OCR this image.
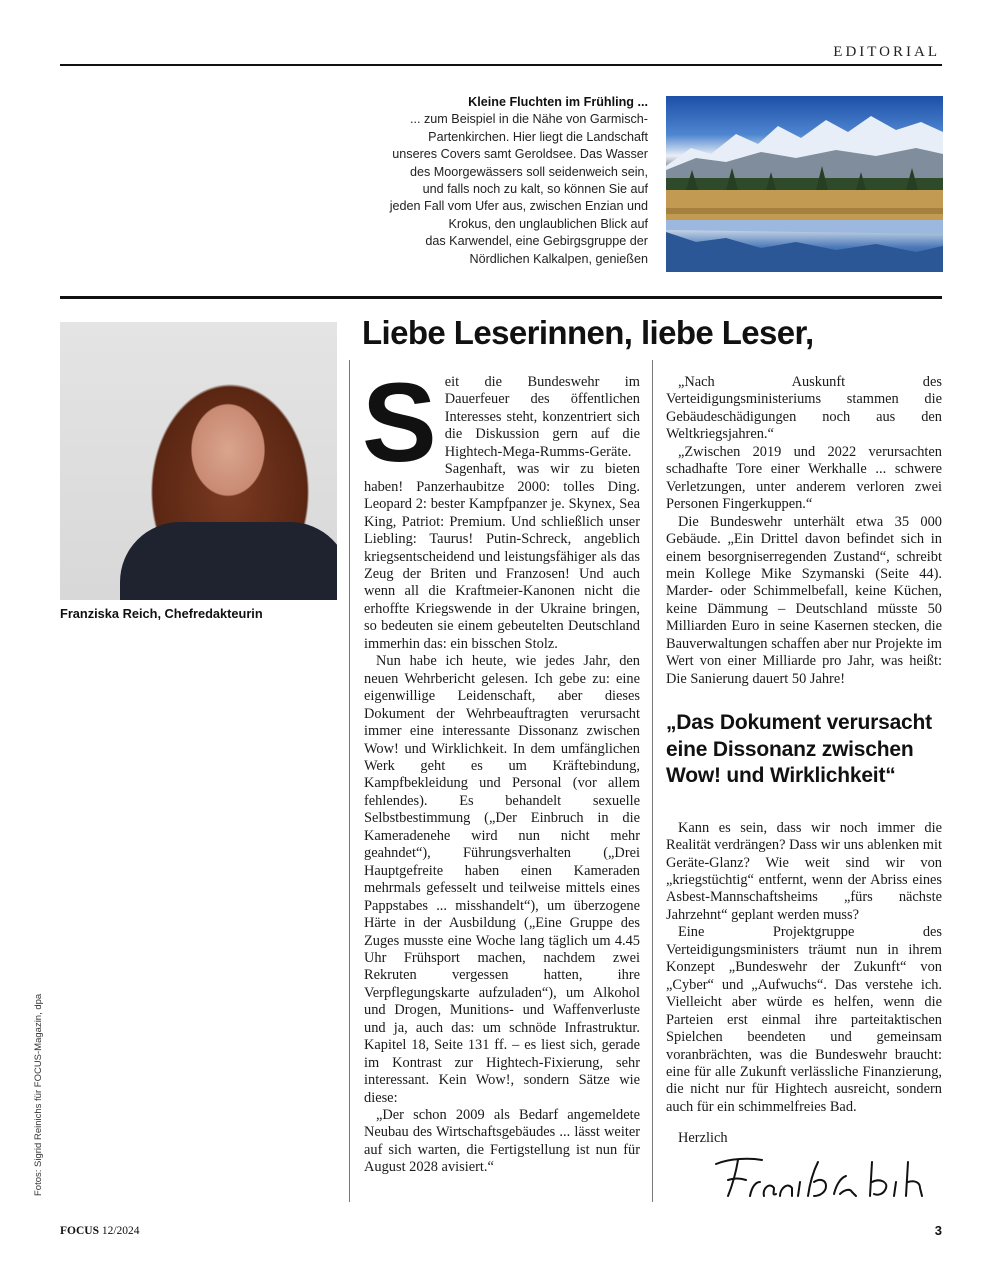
EDITORIAL
Kleine Fluchten im Frühling ...
... zum Beispiel in die Nähe von Garmisch-
Partenkirchen. Hier liegt die Landschaft
unseres Covers samt Geroldsee. Das Wasser
des Moorgewässers soll seidenweich sein,
und falls noch zu kalt, so können Sie auf
jeden Fall vom Ufer aus, zwischen Enzian und
Krokus, den unglaublichen Blick auf
das Karwendel, eine Gebirgsgruppe der
Nördlichen Kalkalpen, genießen
Franziska Reich, Chefredakteurin
Liebe Leserinnen, liebe Leser,

Seit die Bundeswehr im Dauerfeuer des öffentlichen Interesses steht, konzentriert sich die Diskussion gern auf die Hightech-Mega-Rumms-Geräte. Sagenhaft, was wir zu bieten haben! Panzerhaubitze 2000: tolles Ding. Leopard 2: bester Kampfpanzer je. Skynex, Sea King, Patriot: Premium. Und schließlich unser Liebling: Taurus! Putin-Schreck, angeblich kriegsentscheidend und leistungsfähiger als das Zeug der Briten und Franzosen! Und auch wenn all die Kraftmeier-Kanonen nicht die erhoffte Kriegswende in der Ukraine bringen, so bedeuten sie einem gebeutelten Deutschland immerhin das: ein bisschen Stolz.

Nun habe ich heute, wie jedes Jahr, den neuen Wehrbericht gelesen. Ich gebe zu: eine eigenwillige Leidenschaft, aber dieses Dokument der Wehrbeauftragten verursacht immer eine interessante Dissonanz zwischen Wow! und Wirklichkeit. In dem umfänglichen Werk geht es um Kräftebindung, Kampfbekleidung und Personal (vor allem fehlendes). Es behandelt sexuelle Selbstbestimmung („Der Einbruch in die Kameradenehe wird nun nicht mehr geahndet“), Führungsverhalten („Drei Hauptgefreite haben einen Kameraden mehrmals gefesselt und teilweise mittels eines Pappstabes ... misshandelt“), um überzogene Härte in der Ausbildung („Eine Gruppe des Zuges musste eine Woche lang täglich um 4.45 Uhr Frühsport machen, nachdem zwei Rekruten vergessen hatten, ihre Verpflegungskarte aufzuladen“), um Alkohol und Drogen, Munitions- und Waffenverluste und ja, auch das: um schnöde Infrastruktur. Kapitel 18, Seite 131 ff. – es liest sich, gerade im Kontrast zur Hightech-Fixierung, sehr interessant. Kein Wow!, sondern Sätze wie diese:

„Der schon 2009 als Bedarf angemeldete Neubau des Wirtschaftsgebäudes ... lässt weiter auf sich warten, die Fertigstellung ist nun für August 2028 avisiert.“

„Nach Auskunft des Verteidigungsministeriums stammen die Gebäudeschädigungen noch aus den Weltkriegsjahren.“

„Zwischen 2019 und 2022 verursachten schadhafte Tore einer Werkhalle ... schwere Verletzungen, unter anderem verloren zwei Personen Fingerkuppen.“

Die Bundeswehr unterhält etwa 35 000 Gebäude. „Ein Drittel davon befindet sich in einem besorgniserregenden Zustand“, schreibt mein Kollege Mike Szymanski (Seite 44). Marder- oder Schimmelbefall, keine Küchen, keine Dämmung – Deutschland müsste 50 Milliarden Euro in seine Kasernen stecken, die Bauverwaltungen schaffen aber nur Projekte im Wert von einer Milliarde pro Jahr, was heißt: Die Sanierung dauert 50 Jahre!

„Das Dokument verursacht eine Dissonanz zwischen Wow! und Wirklichkeit“

Kann es sein, dass wir noch immer die Realität verdrängen? Dass wir uns ablenken mit Geräte-Glanz? Wie weit sind wir von „kriegstüchtig“ entfernt, wenn der Abriss eines Asbest-Mannschaftsheims „fürs nächste Jahrzehnt“ geplant werden muss?

Eine Projektgruppe des Verteidigungsministers träumt nun in ihrem Konzept „Bundeswehr der Zukunft“ von „Cyber“ und „Aufwuchs“. Das verstehe ich. Vielleicht aber würde es helfen, wenn die Parteien erst einmal ihre parteitaktischen Spielchen beendeten und gemeinsam voranbrächten, was die Bundeswehr braucht: eine für alle Zukunft verlässliche Finanzierung, die nicht nur für Hightech ausreicht, sondern auch für ein schimmelfreies Bad.

Herzlich

Fotos: Sigrid Reinichs für FOCUS-Magazin, dpa
FOCUS 12/2024	3
